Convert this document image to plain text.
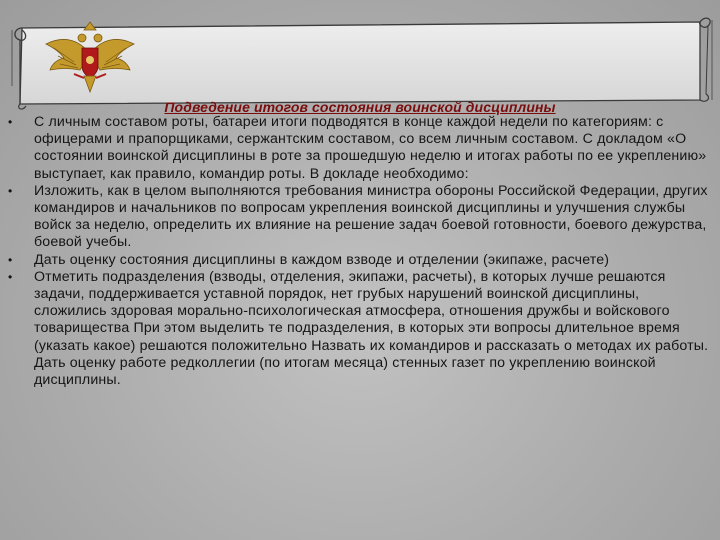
Подведение итогов состояния воинской дисциплины
•	С личным составом роты, батареи итоги подводятся в конце каждой недели по категориям: с офицерами и прапорщиками, сержантским составом, со всем личным составом. С докладом «О состоянии воинской дисциплины в роте за прошедшую неделю и итогах работы по ее укреплению» выступает, как правило, командир роты. В докладе необходимо:
•	Изложить, как в целом выполняются требования министра обороны Российской Федерации, других командиров и начальников по вопросам укрепления воинской дисциплины и улучшения службы войск за неделю, определить их влияние на решение задач боевой готовности, боевого дежурства, боевой учебы.
•	Дать оценку состояния дисциплины в каждом взводе и отделении (экипаже, расчете)
•	Отметить подразделения (взводы, отделения, экипажи, расчеты), в которых лучше решаются задачи, поддерживается уставной порядок, нет грубых нарушений воинской дисциплины, сложились здоровая морально-психологическая атмосфера, отношения дружбы и войскового товарищества При этом выделить те подразделения, в которых эти вопросы длительное время (указать какое) решаются положительно Назвать их командиров и рассказать о методах их работы. Дать оценку работе редколлегии (по итогам месяца) стенных газет по укреплению воинской дисциплины.
